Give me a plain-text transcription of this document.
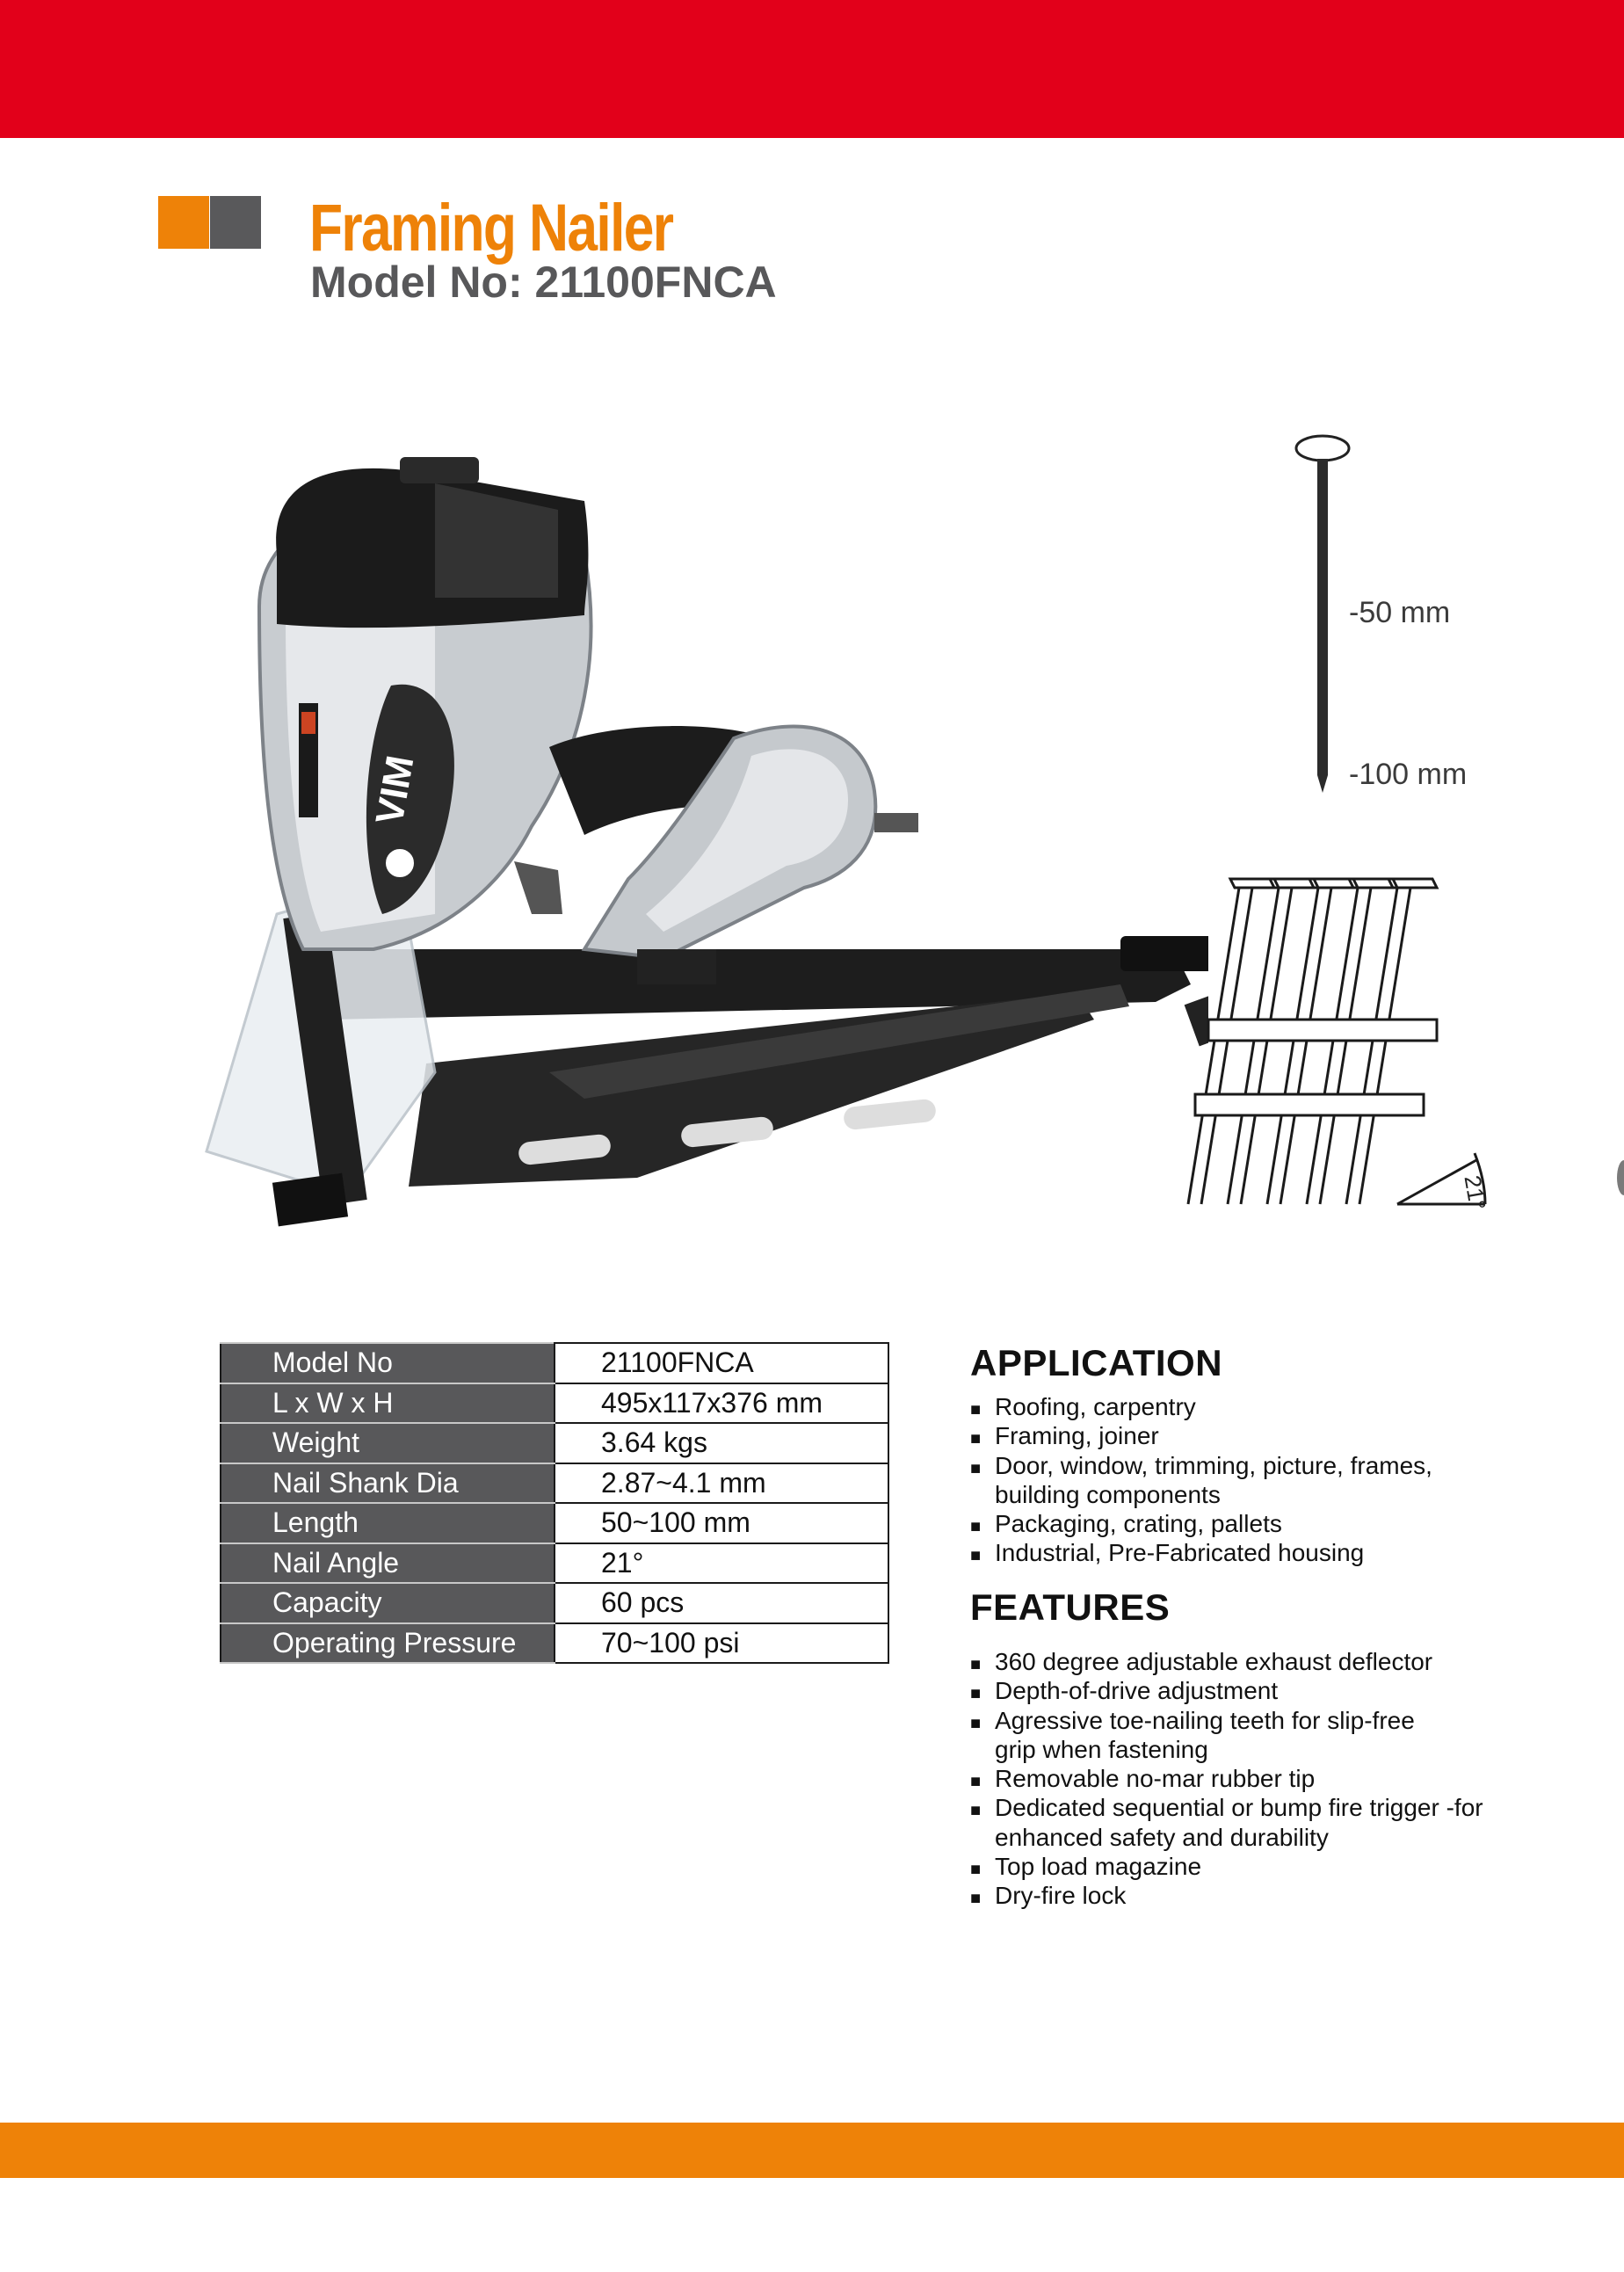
Framing Nailer
Model No: 21100FNCA
VIM
-50 mm
-100 mm
21°
Model No	21100FNCA
L x W x H	495x117x376 mm
Weight	3.64 kgs
Nail Shank Dia	2.87~4.1 mm
Length	50~100 mm
Nail Angle	21°
Capacity	60 pcs
Operating Pressure	70~100 psi
APPLICATION
■ Roofing, carpentry
■ Framing, joiner
■ Door, window, trimming, picture, frames,
building components
■ Packaging, crating, pallets
■ Industrial, Pre-Fabricated housing
FEATURES
■ 360 degree adjustable exhaust deflector
■ Depth-of-drive adjustment
■ Agressive toe-nailing teeth for slip-free
grip when fastening
■ Removable no-mar rubber tip
■ Dedicated sequential or bump fire trigger -for
enhanced safety and durability
■ Top load magazine
■ Dry-fire lock
